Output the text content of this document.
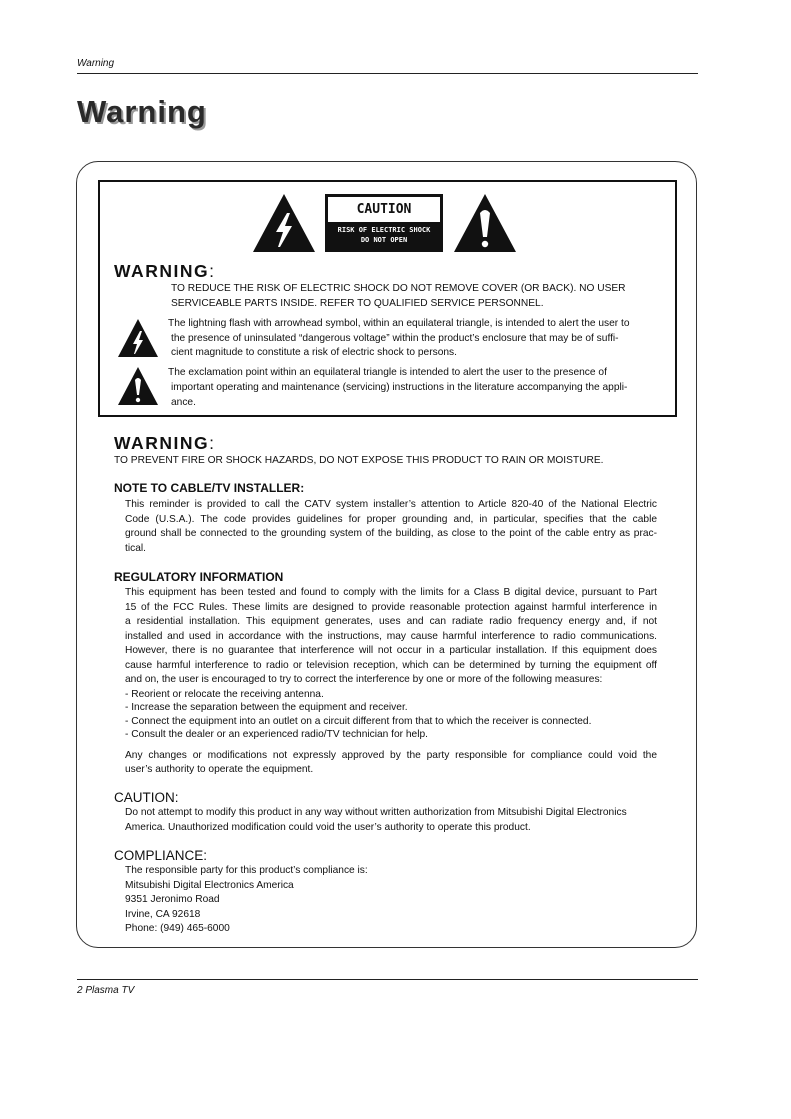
Warning
Warning
CAUTION
RISK OF ELECTRIC SHOCK
DO NOT OPEN
WARNING:
TO REDUCE THE RISK OF ELECTRIC SHOCK DO NOT REMOVE COVER (OR BACK). NO USER
SERVICEABLE PARTS INSIDE. REFER TO QUALIFIED SERVICE PERSONNEL.
The lightning flash with arrowhead symbol, within an equilateral triangle, is intended to alert the user to
the presence of uninsulated “dangerous voltage” within the product’s enclosure that may be of suffi-
cient magnitude to constitute a risk of electric shock to persons.
The exclamation point within an equilateral triangle is intended to alert the user to the presence of
important operating and maintenance (servicing) instructions in the literature accompanying the appli-
ance.
WARNING:
TO PREVENT FIRE OR SHOCK HAZARDS, DO NOT EXPOSE THIS PRODUCT TO RAIN OR MOISTURE.
NOTE TO CABLE/TV INSTALLER:
This reminder is provided to call the CATV system installer’s attention to Article 820-40 of the National Electric
Code (U.S.A.). The code provides guidelines for proper grounding and, in particular, specifies that the cable
ground shall be connected to the grounding system of the building, as close to the point of the cable entry as prac-
tical.
REGULATORY INFORMATION
This equipment has been tested and found to comply with the limits for a Class B digital device, pursuant to Part
15 of the FCC Rules. These limits are designed to provide reasonable protection against harmful interference in
a residential installation. This equipment generates, uses and can radiate radio frequency energy and, if not
installed and used in accordance with the instructions, may cause harmful interference to radio communications.
However, there is no guarantee that interference will not occur in a particular installation. If this equipment does
cause harmful interference to radio or television reception, which can be determined by turning the equipment off
and on, the user is encouraged to try to correct the interference by one or more of the following measures:
- Reorient or relocate the receiving antenna.
- Increase the separation between the equipment and receiver.
- Connect the equipment into an outlet on a circuit different from that to which the receiver is connected.
- Consult the dealer or an experienced radio/TV technician for help.
Any changes or modifications not expressly approved by the party responsible for compliance could void the
user’s authority to operate the equipment.
CAUTION:
Do not attempt to modify this product in any way without written authorization from Mitsubishi Digital Electronics
America. Unauthorized modification could void the user’s authority to operate this product.
COMPLIANCE:
The responsible party for this product’s compliance is:
Mitsubishi Digital Electronics America
9351 Jeronimo Road
Irvine, CA 92618
Phone: (949) 465-6000
2 Plasma TV
